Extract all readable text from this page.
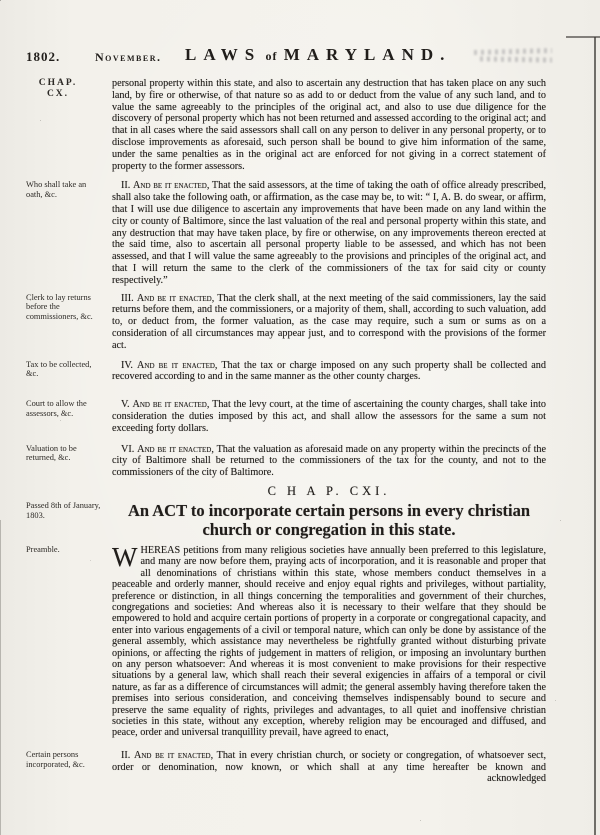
1802.	November. LAWS of MARYLAND.
CHAP.
CX.
personal property within this state, and also to ascertain any destruction that has taken place on any such land, by fire or otherwise, of that nature so as add to or deduct from the value of any such land, and to value the same agreeably to the principles of the original act, and also to use due diligence for the discovery of personal property which has not been returned and assessed according to the original act; and that in all cases where the said assessors shall call on any person to deliver in any personal property, or to disclose improvements as aforesaid, such person shall be bound to give him information of the same, under the same penalties as in the original act are enforced for not giving in a correct statement of property to the former assessors.
Who shall take an oath, &c.
II. And be it enacted, That the said assessors, at the time of taking the oath of office already prescribed, shall also take the following oath, or affirmation, as the case may be, to wit: “ I, A. B. do swear, or affirm, that I will use due diligence to ascertain any improvements that have been made on any land within the city or county of Baltimore, since the last valuation of the real and personal property within this state, and any destruction that may have taken place, by fire or otherwise, on any improvements thereon erected at the said time, also to ascertain all personal property liable to be assessed, and which has not been assessed, and that I will value the same agreeably to the provisions and principles of the original act, and that I will return the same to the clerk of the commissioners of the tax for said city or county respectively.”
Clerk to lay returns before the commissioners, &c.
III. And be it enacted, That the clerk shall, at the next meeting of the said commissioners, lay the said returns before them, and the commissioners, or a majority of them, shall, according to such valuation, add to, or deduct from, the former valuation, as the case may require, such a sum or sums as on a consideration of all circumstances may appear just, and to correspond with the provisions of the former act.
Tax to be collected, &c.
IV. And be it enacted, That the tax or charge imposed on any such property shall be collected and recovered according to and in the same manner as the other county charges.
Court to allow the assessors, &c.
V. And be it enacted, That the levy court, at the time of ascertaining the county charges, shall take into consideration the duties imposed by this act, and shall allow the assessors for the same a sum not exceeding forty dollars.
Valuation to be returned, &c.
VI. And be it enacted, That the valuation as aforesaid made on any property within the precincts of the city of Baltimore shall be returned to the commissioners of the tax for the county, and not to the commissioners of the city of Baltimore.
C H A P. CXI.
Passed 8th of January, 1803.	An ACT to incorporate certain persons in every christian church or congregation in this state.
Preamble.	WHEREAS petitions from many religious societies have annually been preferred to this legislature, and many are now before them, praying acts of incorporation, and it is reasonable and proper that all denominations of christians within this state, whose members conduct themselves in a peaceable and orderly manner, should receive and enjoy equal rights and privileges, without partiality, preference or distinction, in all things concerning the temporalities and government of their churches, congregations and societies: And whereas also it is necessary to their welfare that they should be empowered to hold and acquire certain portions of property in a corporate or congregational capacity, and enter into various engagements of a civil or temporal nature, which can only be done by assistance of the general assembly, which assistance may nevertheless be rightfully granted without disturbing private opinions, or affecting the rights of judgement in matters of religion, or imposing an involuntary burthen on any person whatsoever: And whereas it is most convenient to make provisions for their respective situations by a general law, which shall reach their several exigencies in affairs of a temporal or civil nature, as far as a difference of circumstances will admit; the general assembly having therefore taken the premises into serious consideration, and conceiving themselves indispensably bound to secure and preserve the same equality of rights, privileges and advantages, to all quiet and inoffensive christian societies in this state, without any exception, whereby religion may be encouraged and diffused, and peace, order and universal tranquillity prevail, have agreed to enact,
Certain persons incorporated, &c.
II. And be it enacted, That in every christian church, or society or congregation, of whatsoever sect, order or denomination, now known, or which shall at any time hereafter be known and
acknowledged
